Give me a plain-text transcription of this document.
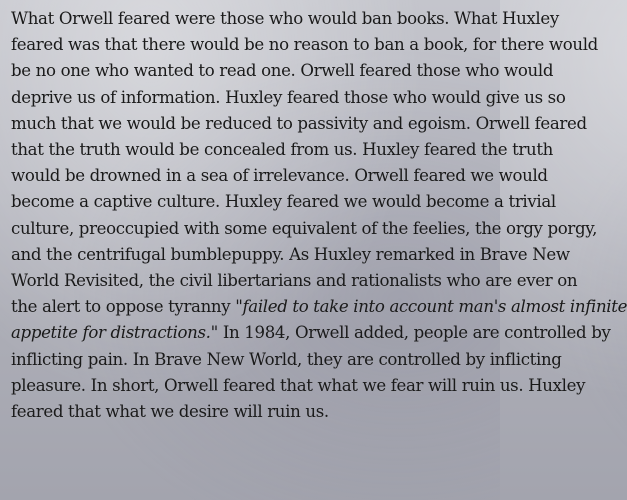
What Orwell feared were those who would ban books. What Huxley
feared was that there would be no reason to ban a book, for there would
be no one who wanted to read one. Orwell feared those who would
deprive us of information. Huxley feared those who would give us so
much that we would be reduced to passivity and egoism. Orwell feared
that the truth would be concealed from us. Huxley feared the truth
would be drowned in a sea of irrelevance. Orwell feared we would
become a captive culture. Huxley feared we would become a trivial
culture, preoccupied with some equivalent of the feelies, the orgy porgy,
and the centrifugal bumblepuppy. As Huxley remarked in Brave New
World Revisited, the civil libertarians and rationalists who are ever on
the alert to oppose tyranny "failed to take into account man's almost infinite
appetite for distractions." In 1984, Orwell added, people are controlled by
inflicting pain. In Brave New World, they are controlled by inflicting
pleasure. In short, Orwell feared that what we fear will ruin us. Huxley
feared that what we desire will ruin us.
